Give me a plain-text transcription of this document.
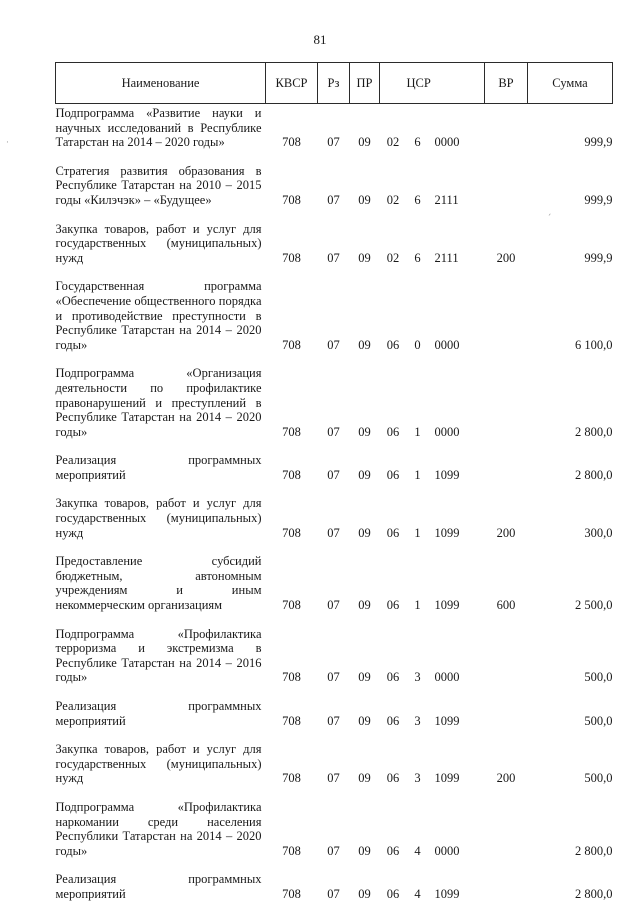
81
·
ˊ
Наименование	КВСР	Рз	ПР		ЦСР		ВР	Сумма
Подпрограмма «Развитие науки и научных исследований в Республике Татарстан на 2014 – 2020 годы»	708	07	09	02	6	0000		999,9
Стратегия развития образования в Республике Татарстан на 2010 – 2015 годы «Килэчэк» – «Будущее»	708	07	09	02	6	2111		999,9
Закупка товаров, работ и услуг для государственных (муниципальных) нужд	708	07	09	02	6	2111	200	999,9
Государственная программа «Обеспечение общественного порядка и противодействие преступности в Республике Татарстан на 2014 – 2020 годы»	708	07	09	06	0	0000		6 100,0
Подпрограмма «Организация деятельности по профилактике правонарушений и преступлений в Республике Татарстан на 2014 – 2020 годы»	708	07	09	06	1	0000		2 800,0
Реализация программных мероприятий	708	07	09	06	1	1099		2 800,0
Закупка товаров, работ и услуг для государственных (муниципальных) нужд	708	07	09	06	1	1099	200	300,0
Предоставление субсидий бюджетным, автономным учреждениям и иным некоммерческим организациям	708	07	09	06	1	1099	600	2 500,0
Подпрограмма «Профилактика терроризма и экстремизма в Республике Татарстан на 2014 – 2016 годы»	708	07	09	06	3	0000		500,0
Реализация программных мероприятий	708	07	09	06	3	1099		500,0
Закупка товаров, работ и услуг для государственных (муниципальных) нужд	708	07	09	06	3	1099	200	500,0
Подпрограмма «Профилактика наркомании среди населения Республики Татарстан на 2014 – 2020 годы»	708	07	09	06	4	0000		2 800,0
Реализация программных мероприятий	708	07	09	06	4	1099		2 800,0
